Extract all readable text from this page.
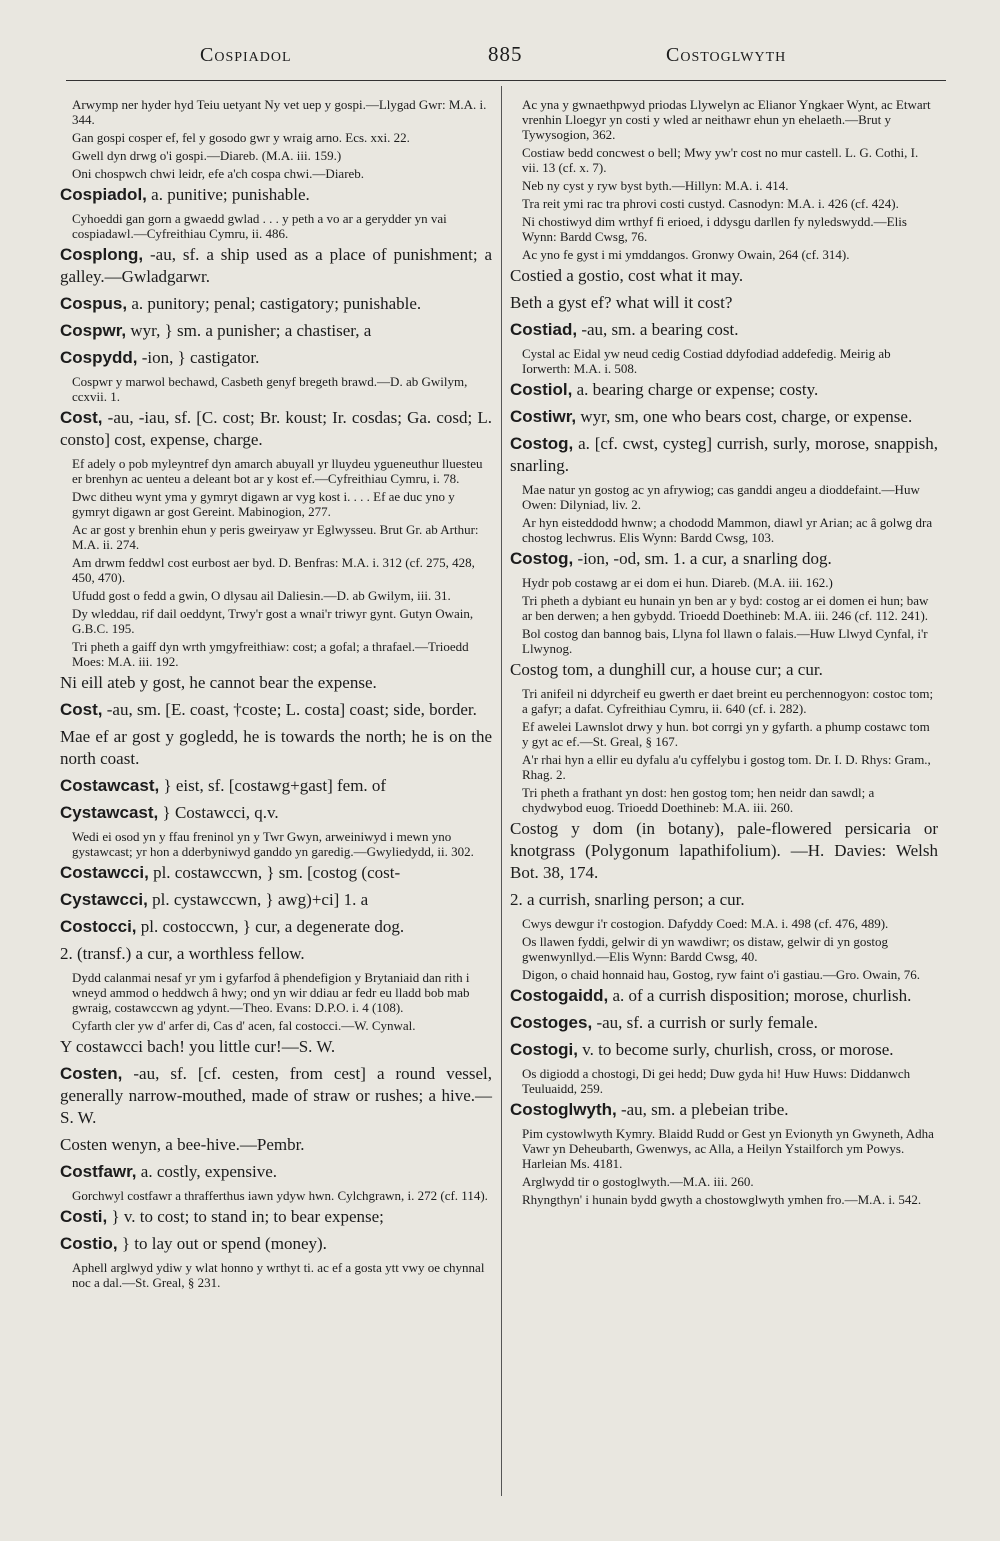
Cospiadol	885	Costoglwyth
Arwymp ner hyder hyd Teiu uetyant Ny vet uep y gospi.—Llygad Gwr: M.A. i. 344.
Gan gospi cosper ef, fel y gosodo gwr y wraig arno. Ecs. xxi. 22.
Gwell dyn drwg o'i gospi.—Diareb. (M.A. iii. 159.)
Oni chospwch chwi leidr, efe a'ch cospa chwi.—Diareb.
Cospiadol, a. punitive; punishable.
Cyhoeddi gan gorn a gwaedd gwlad . . . y peth a vo ar a gerydder yn vai cospiadawl.—Cyfreithiau Cymru, ii. 486.
Cosplong, -au, sf. a ship used as a place of punishment; a galley.—Gwladgarwr.
Cospus, a. punitory; penal; castigatory; punishable.
Cospwr, wyr, } sm. a punisher; a chastiser, a
Cospydd, -ion, } castigator.
Cospwr y marwol bechawd, Casbeth genyf bregeth brawd.—D. ab Gwilym, ccxvii. 1.
Cost, -au, -iau, sf. [C. cost; Br. koust; Ir. cosdas; Ga. cosd; L. consto] cost, expense, charge.
Ef adely o pob myleyntref dyn amarch abuyall yr lluydeu ygueneuthur lluesteu er brenhyn ac uenteu a deleant bot ar y kost ef.—Cyfreithiau Cymru, i. 78.
Dwc ditheu wynt yma y gymryt digawn ar vyg kost i. . . . Ef ae duc yno y gymryt digawn ar gost Gereint. Mabinogion, 277.
Ac ar gost y brenhin ehun y peris gweiryaw yr Eglwysseu. Brut Gr. ab Arthur: M.A. ii. 274.
Am drwm feddwl cost eurbost aer byd. D. Benfras: M.A. i. 312 (cf. 275, 428, 450, 470).
Ufudd gost o fedd a gwin, O dlysau ail Daliesin.—D. ab Gwilym, iii. 31.
Dy wleddau, rif dail oeddynt, Trwy'r gost a wnai'r triwyr gynt. Gutyn Owain, G.B.C. 195.
Tri pheth a gaiff dyn wrth ymgyfreithiaw: cost; a gofal; a thrafael.—Trioedd Moes: M.A. iii. 192.
Ni eill ateb y gost, he cannot bear the expense.
Cost, -au, sm. [E. coast, †coste; L. costa] coast; side, border.
Mae ef ar gost y gogledd, he is towards the north; he is on the north coast.
Costawcast, } eist, sf. [costawg+gast] fem. of
Cystawcast, } Costawcci, q.v.
Wedi ei osod yn y ffau freninol yn y Twr Gwyn, arweiniwyd i mewn yno gystawcast; yr hon a dderbyniwyd ganddo yn garedig.—Gwyliedydd, ii. 302.
Costawcci, pl. costawccwn, } sm. [costog (cost-
Cystawcci, pl. cystawccwn, } awg)+ci] 1. a
Costocci, pl. costoccwn, } cur, a degenerate dog.
2. (transf.) a cur, a worthless fellow.
Dydd calanmai nesaf yr ym i gyfarfod â phendefigion y Brytaniaid dan rith i wneyd ammod o heddwch â hwy; ond yn wir ddiau ar fedr eu lladd bob mab gwraig, costawccwn ag ydynt.—Theo. Evans: D.P.O. i. 4 (108).
Cyfarth cler yw d' arfer di, Cas d' acen, fal costocci.—W. Cynwal.
Y costawcci bach! you little cur!—S. W.
Costen, -au, sf. [cf. cesten, from cest] a round vessel, generally narrow-mouthed, made of straw or rushes; a hive.—S. W.
Costen wenyn, a bee-hive.—Pembr.
Costfawr, a. costly, expensive.
Gorchwyl costfawr a thrafferthus iawn ydyw hwn. Cylchgrawn, i. 272 (cf. 114).
Costi, } v. to cost; to stand in; to bear expense;
Costio, } to lay out or spend (money).
Aphell arglwyd ydiw y wlat honno y wrthyt ti. ac ef a gosta ytt vwy oe chynnal noc a dal.—St. Greal, § 231.
Ac yna y gwnaethpwyd priodas Llywelyn ac Elianor Yngkaer Wynt, ac Etwart vrenhin Lloegyr yn costi y wled ar neithawr ehun yn ehelaeth.—Brut y Tywysogion, 362.
Costiaw bedd concwest o bell; Mwy yw'r cost no mur castell. L. G. Cothi, I. vii. 13 (cf. x. 7).
Neb ny cyst y ryw byst byth.—Hillyn: M.A. i. 414.
Tra reit ymi rac tra phrovi costi custyd. Casnodyn: M.A. i. 426 (cf. 424).
Ni chostiwyd dim wrthyf fi erioed, i ddysgu darllen fy nyledswydd.—Elis Wynn: Bardd Cwsg, 76.
Ac yno fe gyst i mi ymddangos. Gronwy Owain, 264 (cf. 314).
Costied a gostio, cost what it may.
Beth a gyst ef? what will it cost?
Costiad, -au, sm. a bearing cost.
Cystal ac Eidal yw neud cedig Costiad ddyfodiad addefedig. Meirig ab Iorwerth: M.A. i. 508.
Costiol, a. bearing charge or expense; costy.
Costiwr, wyr, sm, one who bears cost, charge, or expense.
Costog, a. [cf. cwst, cysteg] currish, surly, morose, snappish, snarling.
Mae natur yn gostog ac yn afrywiog; cas ganddi angeu a dioddefaint.—Huw Owen: Dilyniad, liv. 2.
Ar hyn eisteddodd hwnw; a chododd Mammon, diawl yr Arian; ac â golwg dra chostog lechwrus. Elis Wynn: Bardd Cwsg, 103.
Costog, -ion, -od, sm. 1. a cur, a snarling dog.
Hydr pob costawg ar ei dom ei hun. Diareb. (M.A. iii. 162.)
Tri pheth a dybiant eu hunain yn ben ar y byd: costog ar ei domen ei hun; baw ar ben derwen; a hen gybydd. Trioedd Doethineb: M.A. iii. 246 (cf. 112. 241).
Bol costog dan bannog bais, Llyna fol llawn o falais.—Huw Llwyd Cynfal, i'r Llwynog.
Costog tom, a dunghill cur, a house cur; a cur.
Tri anifeil ni ddyrcheif eu gwerth er daet breint eu perchennogyon: costoc tom; a gafyr; a dafat. Cyfreithiau Cymru, ii. 640 (cf. i. 282).
Ef awelei Lawnslot drwy y hun. bot corrgi yn y gyfarth. a phump costawc tom y gyt ac ef.—St. Greal, § 167.
A'r rhai hyn a ellir eu dyfalu a'u cyffelybu i gostog tom. Dr. I. D. Rhys: Gram., Rhag. 2.
Tri pheth a frathant yn dost: hen gostog tom; hen neidr dan sawdl; a chydwybod euog. Trioedd Doethineb: M.A. iii. 260.
Costog y dom (in botany), pale-flowered persicaria or knotgrass (Polygonum lapathifolium). —H. Davies: Welsh Bot. 38, 174.
2. a currish, snarling person; a cur.
Cwys dewgur i'r costogion. Dafyddy Coed: M.A. i. 498 (cf. 476, 489).
Os llawen fyddi, gelwir di yn wawdiwr; os distaw, gelwir di yn gostog gwenwynllyd.—Elis Wynn: Bardd Cwsg, 40.
Digon, o chaid honnaid hau, Gostog, ryw faint o'i gastiau.—Gro. Owain, 76.
Costogaidd, a. of a currish disposition; morose, churlish.
Costoges, -au, sf. a currish or surly female.
Costogi, v. to become surly, churlish, cross, or morose.
Os digiodd a chostogi, Di gei hedd; Duw gyda hi! Huw Huws: Diddanwch Teuluaidd, 259.
Costoglwyth, -au, sm. a plebeian tribe.
Pim cystowlwyth Kymry. Blaidd Rudd or Gest yn Evionyth yn Gwyneth, Adha Vawr yn Deheubarth, Gwenwys, ac Alla, a Heilyn Ystailforch ym Powys. Harleian Ms. 4181.
Arglwydd tir o gostoglwyth.—M.A. iii. 260.
Rhyngthyn' i hunain bydd gwyth a chostowglwyth ymhen fro.—M.A. i. 542.
